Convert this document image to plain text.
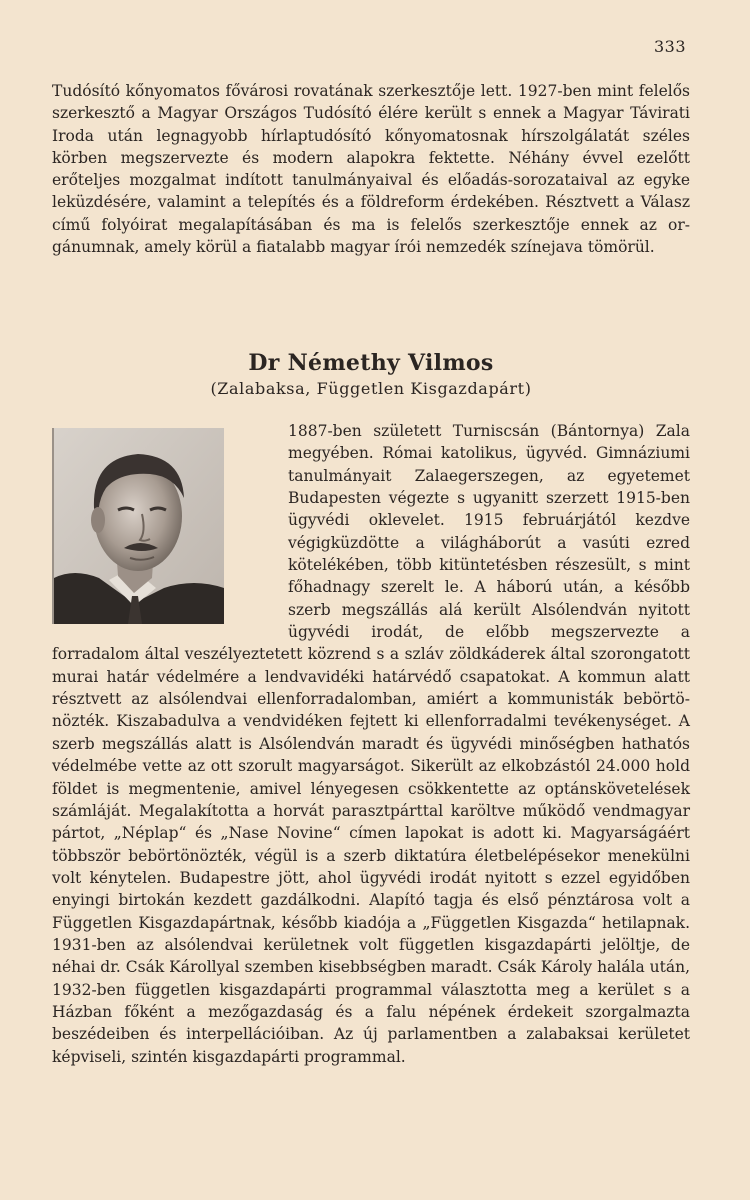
333

Tudósító kőnyomatos fővárosi rovatának szerkesztője lett. 1927-ben mint felelős szerkesztő a Magyar Országos Tudósító élére került s ennek a Magyar Távirati Iroda után legnagyobb hírlaptudósító kőnyomatosnak hírszolgálatát széles körben megszervezte és modern alapokra fektette. Néhány évvel ezelőtt erőteljes mozgalmat indított tanulmányaival és előadás-sorozataival az egyke leküzdésére, valamint a telepítés és a földreform érdekében. Résztvett a Válasz című folyóirat megalapításában és ma is felelős szerkesztője ennek az orgánumnak, amely körül a fiatalabb magyar írói nemzedék színejava tömörül.

Dr Némethy Vilmos
(Zalabaksa, Független Kisgazdapárt)
1887-ben született Turniscsán (Bántornya) Zala megyében. Római katolikus, ügyvéd. Gimnáziumi tanulmányait Zalaegerszegen, az egyetemet Budapesten végezte s ugyanitt szerzett 1915-ben ügyvédi oklevelet. 1915 februárjától kezdve végigküzdötte a világháborút a vasúti ezred kötelékében, több kitüntetésben részesült, s mint főhadnagy szerelt le. A háború után, a később szerb megszállás alá került Alsólendván nyitott ügyvédi irodát, de előbb megszervezte a forradalom által veszélyeztetett közrend s a szláv zöldkáderek által szorongatott murai határ védelmére a lendvavidéki határvédő csapatokat. A kommun alatt résztvett az alsólendvai ellenforradalomban, amiért a kommunisták bebörtönözték. Kiszabadulva a vendvidéken fejtett ki ellenforradalmi tevékenységet. A szerb megszállás alatt is Alsólendván maradt és ügyvédi minőségben hathatós védelmébe vette az ott szorult magyarságot. Sikerült az elkobzástól 24.000 hold földet is megmentenie, amivel lényegesen csökkentette az optánskövetelések számláját. Megalakította a horvát parasztpárttal karöltve működő vendmagyar pártot, „Néplap“ és „Nase Novine“ címen lapokat is adott ki. Magyarságáért többször bebörtönözték, végül is a szerb diktatúra életbelépésekor menekülni volt kénytelen. Budapestre jött, ahol ügyvédi irodát nyitott s ezzel egyidőben enyingi birtokán kezdett gazdálkodni. Alapító tagja és első pénztárosa volt a Független Kisgazdapártnak, később kiadója a „Független Kisgazda“ hetilapnak. 1931-ben az alsólendvai kerületnek volt független kisgazdapárti jelöltje, de néhai dr. Csák Károllyal szemben kisebbségben maradt. Csák Károly halála után, 1932-ben független kisgazdapárti programmal választotta meg a kerület s a Házban főként a mezőgazdaság és a falu népének érdekeit szorgalmazta beszédeiben és interpellációiban. Az új parlamentben a zalabaksai kerületet képviseli, szintén kisgazdapárti programmal.
